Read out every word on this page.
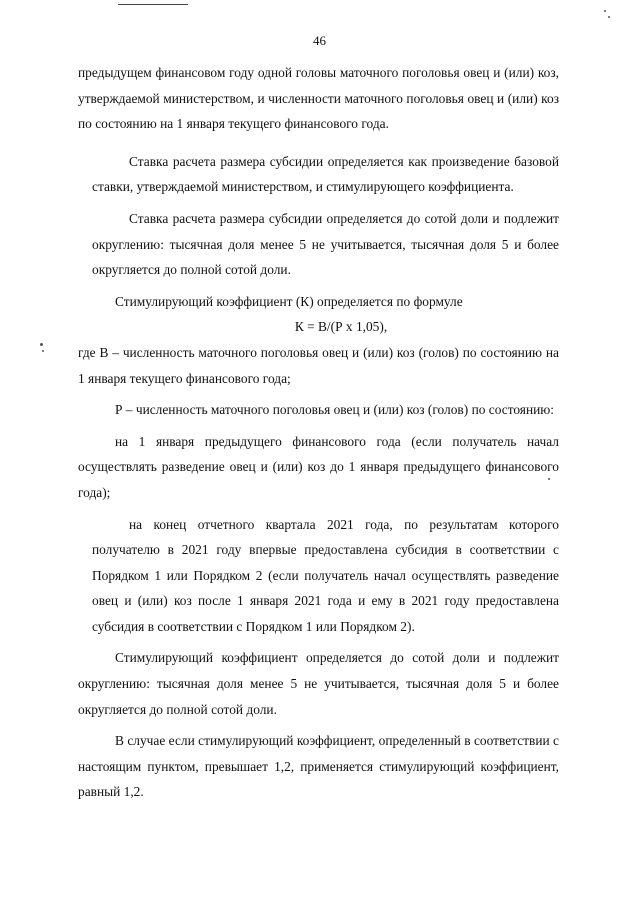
46

предыдущем финансовом году одной головы маточного поголовья овец и (или) коз, утверждаемой министерством, и численности маточного поголовья овец и (или) коз по состоянию на 1 января текущего финансового года.

Ставка расчета размера субсидии определяется как произведение базовой ставки, утверждаемой министерством, и стимулирующего коэффициента.

Ставка расчета размера субсидии определяется до сотой доли и подлежит округлению: тысячная доля менее 5 не учитывается, тысячная доля 5 и более округляется до полной сотой доли.

Стимулирующий коэффициент (К) определяется по формуле

К = В/(Р х 1,05),

где В – численность маточного поголовья овец и (или) коз (голов) по состоянию на 1 января текущего финансового года;

Р – численность маточного поголовья овец и (или) коз (голов) по состоянию:

на 1 января предыдущего финансового года (если получатель начал осуществлять разведение овец и (или) коз до 1 января предыдущего финансового года);

на конец отчетного квартала 2021 года, по результатам которого получателю в 2021 году впервые предоставлена субсидия в соответствии с Порядком 1 или Порядком 2 (если получатель начал осуществлять разведение овец и (или) коз после 1 января 2021 года и ему в 2021 году предоставлена субсидия в соответствии с Порядком 1 или Порядком 2).

Стимулирующий коэффициент определяется до сотой доли и подлежит округлению: тысячная доля менее 5 не учитывается, тысячная доля 5 и более округляется до полной сотой доли.

В случае если стимулирующий коэффициент, определенный в соответствии с настоящим пунктом, превышает 1,2, применяется стимулирующий коэффициент, равный 1,2.
